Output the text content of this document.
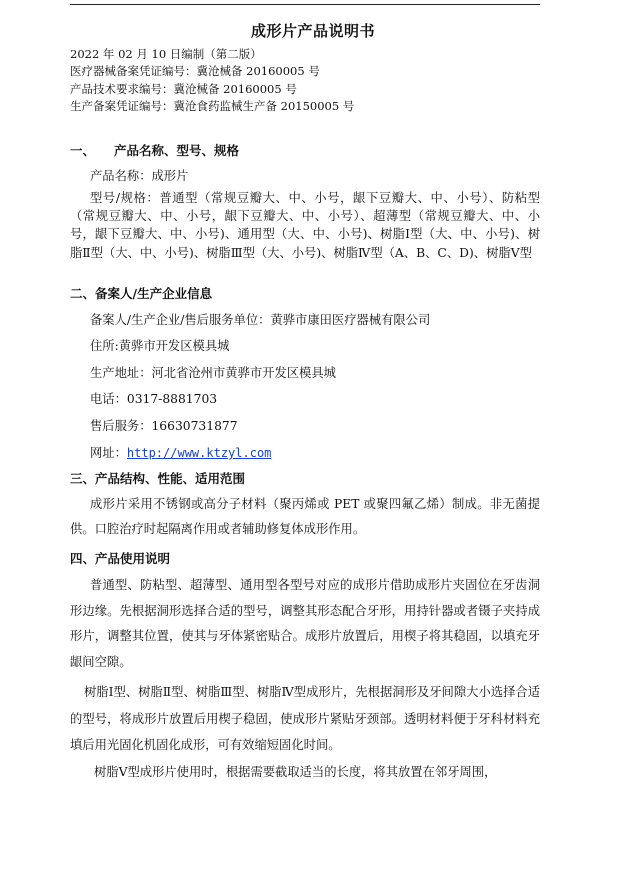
成形片产品说明书
2022 年 02 月 10 日编制（第二版）
医疗器械备案凭证编号：冀沧械备 20160005 号
产品技术要求编号：冀沧械备 20160005 号
生产备案凭证编号：冀沧食药监械生产备 20150005 号
一、 产品名称、型号、规格
产品名称：成形片
型号/规格：普通型（常规豆瓣大、中、小号，龈下豆瓣大、中、小号）、防粘型 （常规豆瓣大、中、小号，龈下豆瓣大、中、小号）、超薄型（常规豆瓣大、中、小号，龈下豆瓣大、中、小号)、通用型（大、中、小号)、树脂Ⅰ型（大、中、小号)、树脂Ⅱ型（大、中、小号)、树脂Ⅲ型（大、小号)、树脂Ⅳ型（A、B、C、D)、树脂Ⅴ型
二、备案人/生产企业信息
备案人/生产企业/售后服务单位：黄骅市康田医疗器械有限公司
住所:黄骅市开发区模具城
生产地址：河北省沧州市黄骅市开发区模具城
电话：0317-8881703
售后服务：16630731877
网址：http://www.ktzyl.com
三、产品结构、性能、适用范围
成形片采用不锈钢或高分子材料（聚丙烯或 PET 或聚四氟乙烯）制成。非无菌提供。口腔治疗时起隔离作用或者辅助修复体成形作用。
四、产品使用说明
普通型、防粘型、超薄型、通用型各型号对应的成形片借助成形片夹固位在牙齿洞形边缘。先根据洞形选择合适的型号，调整其形态配合牙形，用持针器或者镊子夹持成形片，调整其位置，使其与牙体紧密贴合。成形片放置后，用楔子将其稳固，以填充牙龈间空隙。
树脂Ⅰ型、树脂Ⅱ型、树脂Ⅲ型、树脂Ⅳ型成形片，先根据洞形及牙间隙大小选择合适的型号，将成形片放置后用楔子稳固，使成形片紧贴牙颈部。透明材料便于牙科材料充填后用光固化机固化成形，可有效缩短固化时间。
树脂Ⅴ型成形片使用时，根据需要截取适当的长度，将其放置在邻牙周围，
